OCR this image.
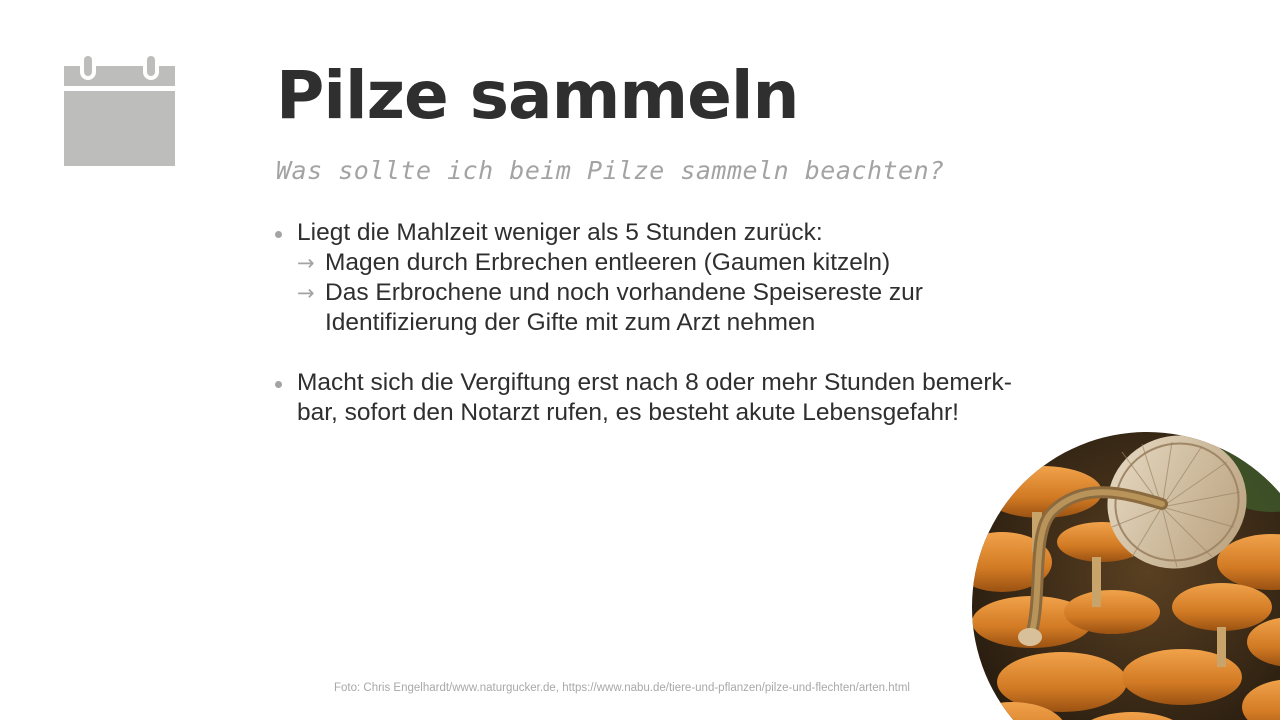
Pilze sammeln

Was sollte ich beim Pilze sammeln beachten?

Liegt die Mahlzeit weniger als 5 Stunden zurück:
→ Magen durch Erbrechen entleeren (Gaumen kitzeln)
→ Das Erbrochene und noch vorhandene Speisereste zur
Identifizierung der Gifte mit zum Arzt nehmen
Macht sich die Vergiftung erst nach 8 oder mehr Stunden bemerk-
bar, sofort den Notarzt rufen, es besteht akute Lebensgefahr!

Foto: Chris Engelhardt/www.naturgucker.de, https://www.nabu.de/tiere-und-pflanzen/pilze-und-flechten/arten.html
